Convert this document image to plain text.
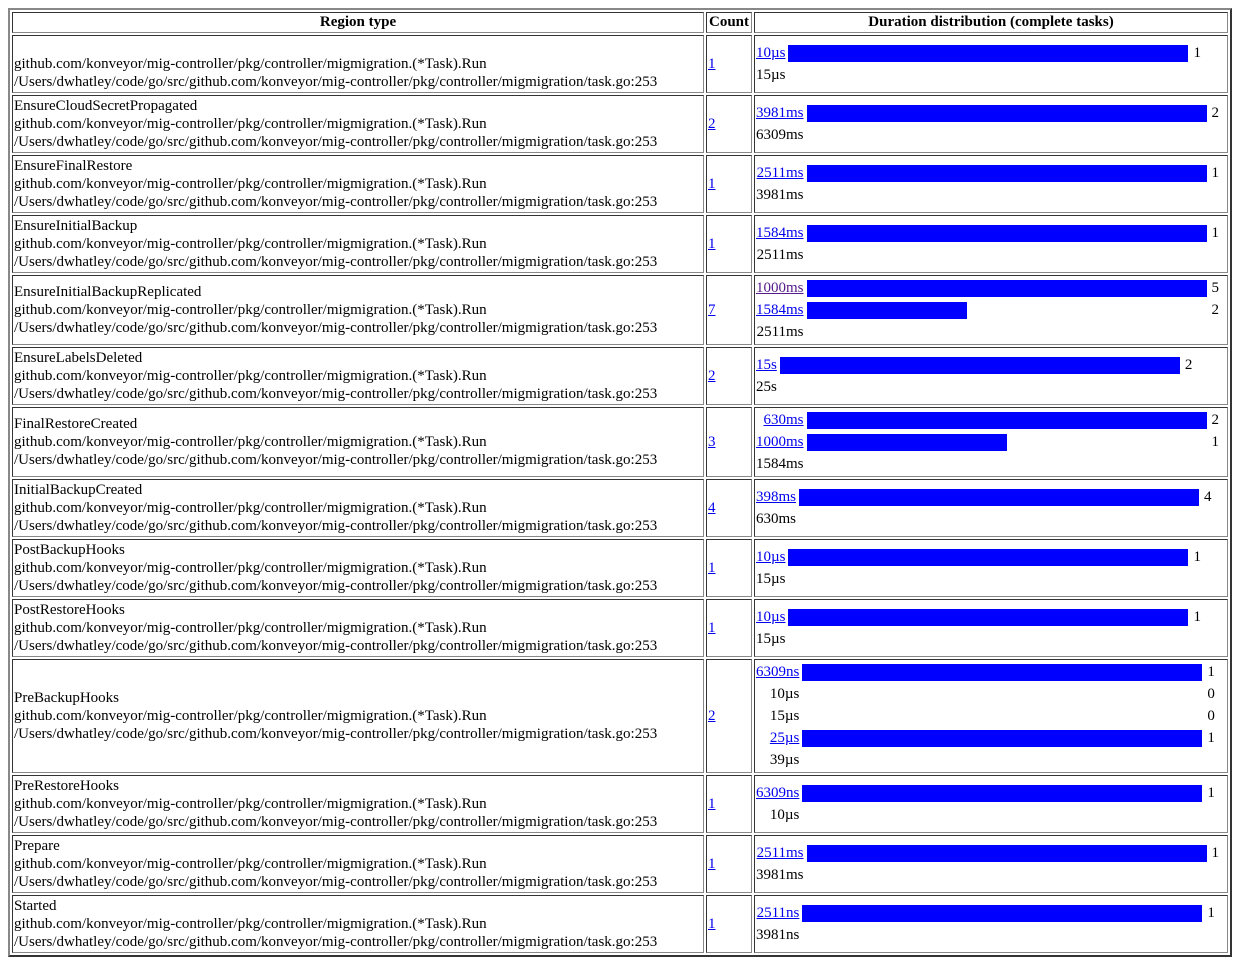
Region type	Count	Duration distribution (complete tasks)

github.com/konveyor/mig-controller/pkg/controller/migmigration.(*Task).Run
/Users/dwhatley/code/go/src/github.com/konveyor/mig-controller/pkg/controller/migmigration/task.go:253
	1	
10µs		1
15µs		

EnsureCloudSecretPropagated
github.com/konveyor/mig-controller/pkg/controller/migmigration.(*Task).Run
/Users/dwhatley/code/go/src/github.com/konveyor/mig-controller/pkg/controller/migmigration/task.go:253
	2	
3981ms		2
6309ms		

EnsureFinalRestore
github.com/konveyor/mig-controller/pkg/controller/migmigration.(*Task).Run
/Users/dwhatley/code/go/src/github.com/konveyor/mig-controller/pkg/controller/migmigration/task.go:253
	1	
2511ms		1
3981ms		

EnsureInitialBackup
github.com/konveyor/mig-controller/pkg/controller/migmigration.(*Task).Run
/Users/dwhatley/code/go/src/github.com/konveyor/mig-controller/pkg/controller/migmigration/task.go:253
	1	
1584ms		1
2511ms		

EnsureInitialBackupReplicated
github.com/konveyor/mig-controller/pkg/controller/migmigration.(*Task).Run
/Users/dwhatley/code/go/src/github.com/konveyor/mig-controller/pkg/controller/migmigration/task.go:253
	7	
1000ms		5
1584ms		2
2511ms		

EnsureLabelsDeleted
github.com/konveyor/mig-controller/pkg/controller/migmigration.(*Task).Run
/Users/dwhatley/code/go/src/github.com/konveyor/mig-controller/pkg/controller/migmigration/task.go:253
	2	
15s		2
25s		

FinalRestoreCreated
github.com/konveyor/mig-controller/pkg/controller/migmigration.(*Task).Run
/Users/dwhatley/code/go/src/github.com/konveyor/mig-controller/pkg/controller/migmigration/task.go:253
	3	
630ms		2
1000ms		1
1584ms		

InitialBackupCreated
github.com/konveyor/mig-controller/pkg/controller/migmigration.(*Task).Run
/Users/dwhatley/code/go/src/github.com/konveyor/mig-controller/pkg/controller/migmigration/task.go:253
	4	
398ms		4
630ms		

PostBackupHooks
github.com/konveyor/mig-controller/pkg/controller/migmigration.(*Task).Run
/Users/dwhatley/code/go/src/github.com/konveyor/mig-controller/pkg/controller/migmigration/task.go:253
	1	
10µs		1
15µs		

PostRestoreHooks
github.com/konveyor/mig-controller/pkg/controller/migmigration.(*Task).Run
/Users/dwhatley/code/go/src/github.com/konveyor/mig-controller/pkg/controller/migmigration/task.go:253
	1	
10µs		1
15µs		

PreBackupHooks
github.com/konveyor/mig-controller/pkg/controller/migmigration.(*Task).Run
/Users/dwhatley/code/go/src/github.com/konveyor/mig-controller/pkg/controller/migmigration/task.go:253
	2	
6309ns		1
10µs		0
15µs		0
25µs		1
39µs		

PreRestoreHooks
github.com/konveyor/mig-controller/pkg/controller/migmigration.(*Task).Run
/Users/dwhatley/code/go/src/github.com/konveyor/mig-controller/pkg/controller/migmigration/task.go:253
	1	
6309ns		1
10µs		

Prepare
github.com/konveyor/mig-controller/pkg/controller/migmigration.(*Task).Run
/Users/dwhatley/code/go/src/github.com/konveyor/mig-controller/pkg/controller/migmigration/task.go:253
	1	
2511ms		1
3981ms		

Started
github.com/konveyor/mig-controller/pkg/controller/migmigration.(*Task).Run
/Users/dwhatley/code/go/src/github.com/konveyor/mig-controller/pkg/controller/migmigration/task.go:253
	1	
2511ns		1
3981ns		
